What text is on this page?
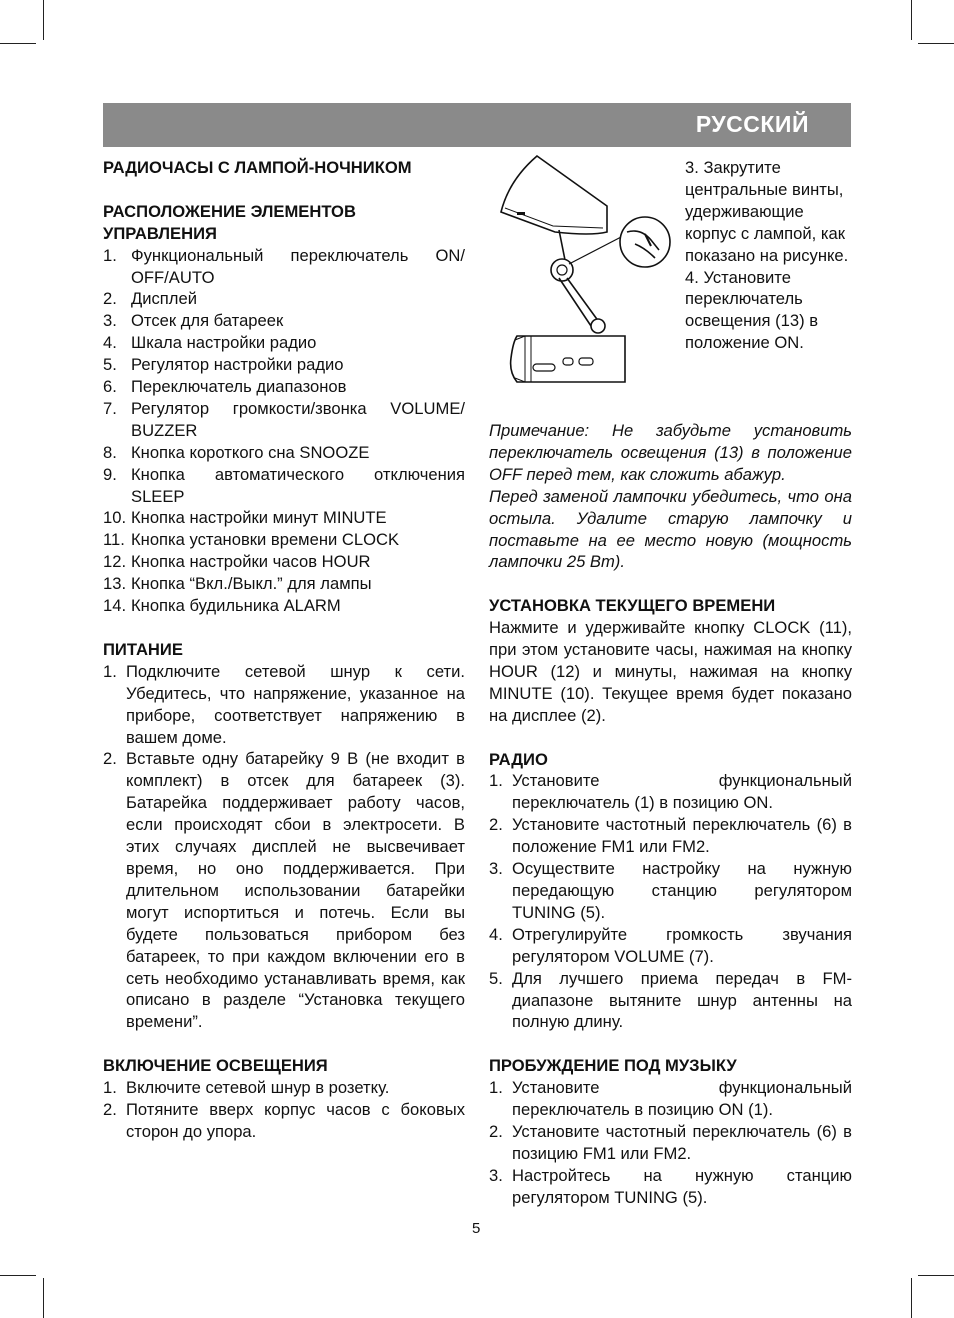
РУССКИЙ

РАДИОЧАСЫ С ЛАМПОЙ-НОЧНИКОМ

РАСПОЛОЖЕНИЕ ЭЛЕМЕНТОВ
УПРАВЛЕНИЯ

1. Функциональный переключатель ON/ OFF/AUTO
2. Дисплей
3. Отсек для батареек
4. Шкала настройки радио
5. Регулятор настройки радио
6. Переключатель диапазонов
7. Регулятор громкости/звонка VOLUME/ BUZZER
8. Кнопка короткого сна SNOOZE
9. Кнопка автоматического отключения SLEEP
10. Кнопка настройки минут MINUTE
11. Кнопка установки времени CLOCK
12. Кнопка настройки часов HOUR
13. Кнопка “Вкл./Выкл.” для лампы
14. Кнопка будильника ALARM

ПИТАНИЕ

1. Подключите сетевой шнур к сети. Убедитесь, что напряжение, указанное на приборе, соответствует напряжению в вашем доме.
2. Вставьте одну батарейку 9 В (не входит в комплект) в отсек для батареек (3). Батарейка поддерживает работу часов, если происходят сбои в электросети. В этих случаях дисплей не высвечивает время, но оно поддерживается. При длительном использовании батарейки могут испортиться и потечь. Если вы будете пользоваться прибором без батареек, то при каждом включении его в сеть необходимо устанавливать время, как описано в разделе “Установка текущего времени”.

ВКЛЮЧЕНИЕ ОСВЕЩЕНИЯ

1. Включите сетевой шнур в розетку.
2. Потяните вверх корпус часов с боковых сторон до упора.

3. Закрутите центральные винты, удерживающие корпус с лампой, как показано на рисунке.

4. Установите переключатель освещения (13) в положение ON.

Примечание: Не забудьте установить переключатель освещения (13) в положение OFF перед тем, как сложить абажур.

Перед заменой лампочки убедитесь, что она остыла. Удалите старую лампочку и поставьте на ее место новую (мощность лампочки 25 Вт).

УСТАНОВКА ТЕКУЩЕГО ВРЕМЕНИ

Нажмите и удерживайте кнопку CLOCK (11), при этом установите часы, нажимая на кнопку HOUR (12) и минуты, нажимая на кнопку MINUTE (10). Текущее время будет показано на дисплее (2).

РАДИО

1. Установите функциональный переключатель (1) в позицию ON.
2. Установите частотный переключатель (6) в положение FM1 или FM2.
3. Осуществите настройку на нужную передающую станцию регулятором TUNING (5).
4. Отрегулируйте громкость звучания регулятором VOLUME (7).
5. Для лучшего приема передач в FM-диапазоне вытяните шнур антенны на полную длину.

ПРОБУЖДЕНИЕ ПОД МУЗЫКУ

1. Установите функциональный переключатель в позицию ON (1).
2. Установите частотный переключатель (6) в позицию FM1 или FM2.
3. Настройтесь на нужную станцию регулятором TUNING (5).
5
